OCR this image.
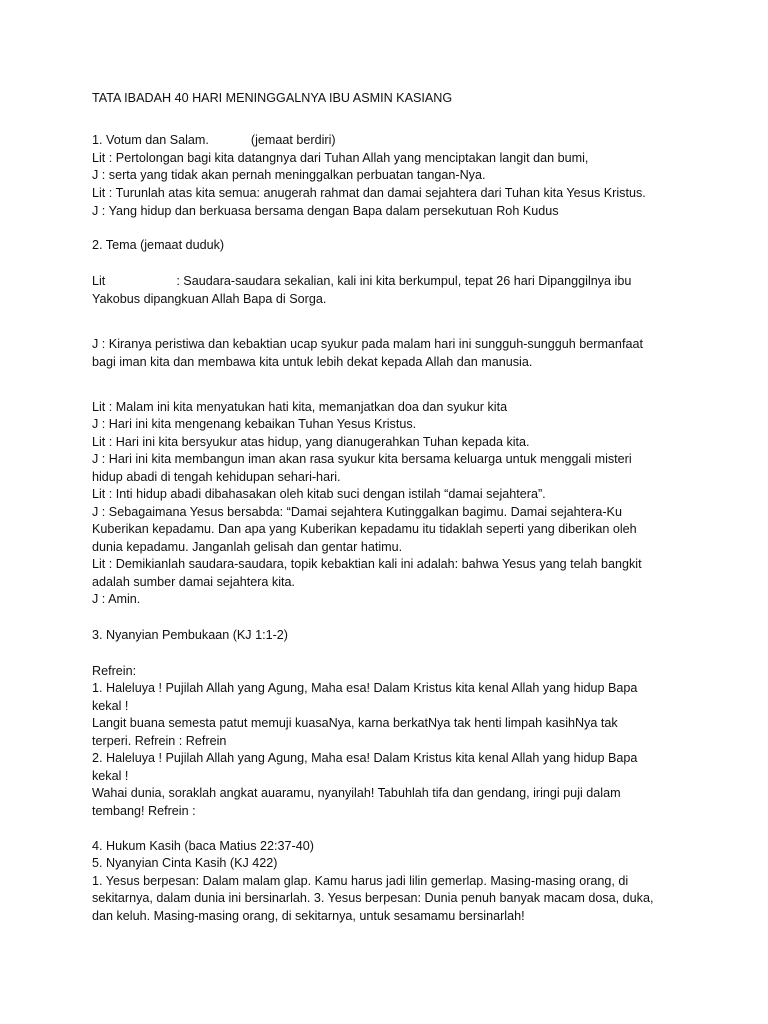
TATA IBADAH 40 HARI MENINGGALNYA IBU ASMIN KASIANG
1. Votum dan Salam.	(jemaat berdiri)
Lit : Pertolongan bagi kita datangnya dari Tuhan Allah yang menciptakan langit dan bumi,
J : serta yang tidak akan pernah meninggalkan perbuatan tangan-Nya.
Lit : Turunlah atas kita semua: anugerah rahmat dan damai sejahtera dari Tuhan kita Yesus Kristus.
J : Yang hidup dan berkuasa bersama dengan Bapa dalam persekutuan Roh Kudus
2. Tema (jemaat duduk)
Lit	: Saudara-saudara sekalian, kali ini kita berkumpul, tepat 26 hari Dipanggilnya ibu
Yakobus dipangkuan Allah Bapa di Sorga.
J : Kiranya peristiwa dan kebaktian ucap syukur pada malam hari ini sungguh-sungguh bermanfaat
bagi iman kita dan membawa kita untuk lebih dekat kepada Allah dan manusia.
Lit : Malam ini kita menyatukan hati kita, memanjatkan doa dan syukur kita
J : Hari ini kita mengenang kebaikan Tuhan Yesus Kristus.
Lit : Hari ini kita bersyukur atas hidup, yang dianugerahkan Tuhan kepada kita.
J : Hari ini kita membangun iman akan rasa syukur kita bersama keluarga untuk menggali misteri
hidup abadi di tengah kehidupan sehari-hari.
Lit : Inti hidup abadi dibahasakan oleh kitab suci dengan istilah “damai sejahtera”.
J : Sebagaimana Yesus bersabda: “Damai sejahtera Kutinggalkan bagimu. Damai sejahtera-Ku
Kuberikan kepadamu. Dan apa yang Kuberikan kepadamu itu tidaklah seperti yang diberikan oleh
dunia kepadamu. Janganlah gelisah dan gentar hatimu.
Lit : Demikianlah saudara-saudara, topik kebaktian kali ini adalah: bahwa Yesus yang telah bangkit
adalah sumber damai sejahtera kita.
J : Amin.
3. Nyanyian Pembukaan (KJ 1:1-2)
Refrein:
1. Haleluya ! Pujilah Allah yang Agung, Maha esa! Dalam Kristus kita kenal Allah yang hidup Bapa
kekal !
Langit buana semesta patut memuji kuasaNya, karna berkatNya tak henti limpah kasihNya tak
terperi. Refrein : Refrein
2. Haleluya ! Pujilah Allah yang Agung, Maha esa! Dalam Kristus kita kenal Allah yang hidup Bapa
kekal !
Wahai dunia, soraklah angkat auaramu, nyanyilah! Tabuhlah tifa dan gendang, iringi puji dalam
tembang! Refrein :
4. Hukum Kasih (baca Matius 22:37-40)
5. Nyanyian Cinta Kasih (KJ 422)
1. Yesus berpesan: Dalam malam glap. Kamu harus jadi lilin gemerlap. Masing-masing orang, di
sekitarnya, dalam dunia ini bersinarlah. 3. Yesus berpesan: Dunia penuh banyak macam dosa, duka,
dan keluh. Masing-masing orang, di sekitarnya, untuk sesamamu bersinarlah!
